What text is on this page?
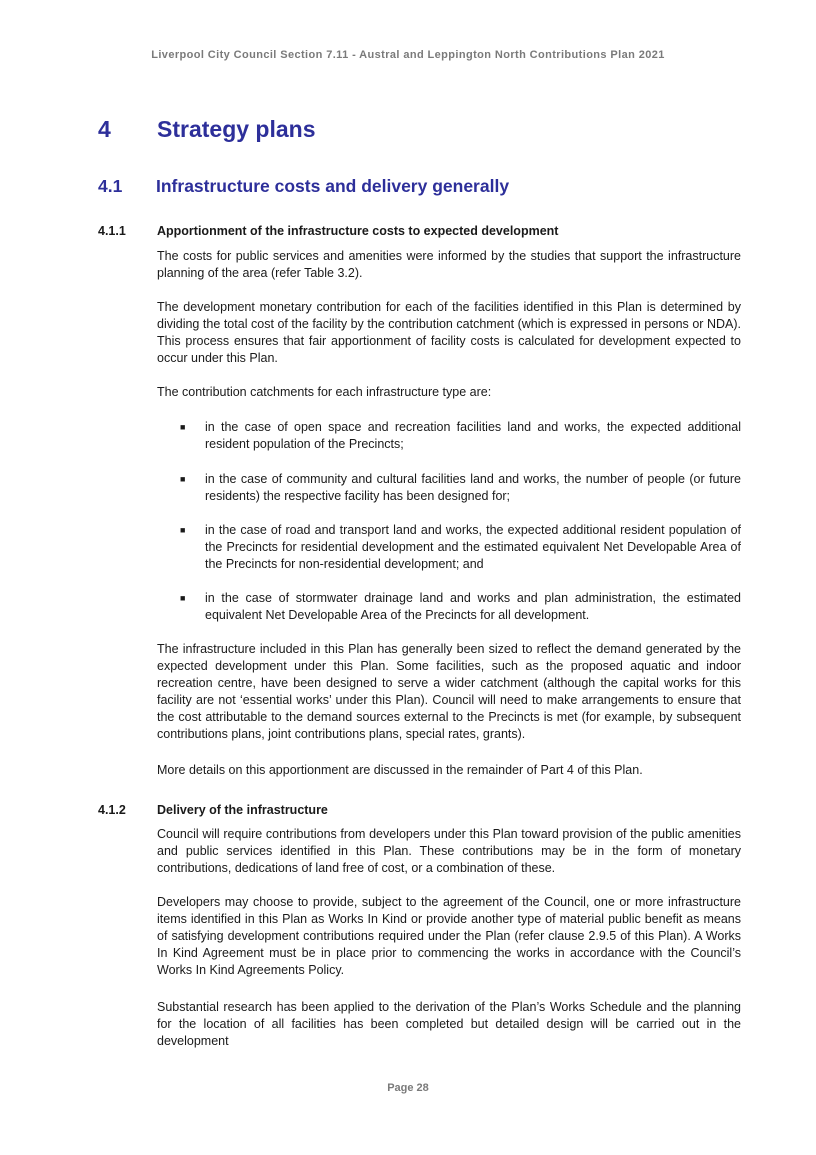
Liverpool City Council Section 7.11 - Austral and Leppington North Contributions Plan 2021
4 Strategy plans
4.1 Infrastructure costs and delivery generally
4.1.1 Apportionment of the infrastructure costs to expected development
The costs for public services and amenities were informed by the studies that support the infrastructure planning of the area (refer Table 3.2).
The development monetary contribution for each of the facilities identified in this Plan is determined by dividing the total cost of the facility by the contribution catchment (which is expressed in persons or NDA). This process ensures that fair apportionment of facility costs is calculated for development expected to occur under this Plan.
The contribution catchments for each infrastructure type are:
■ in the case of open space and recreation facilities land and works, the expected additional resident population of the Precincts;
■ in the case of community and cultural facilities land and works, the number of people (or future residents) the respective facility has been designed for;
■ in the case of road and transport land and works, the expected additional resident population of the Precincts for residential development and the estimated equivalent Net Developable Area of the Precincts for non-residential development; and
■ in the case of stormwater drainage land and works and plan administration, the estimated equivalent Net Developable Area of the Precincts for all development.
The infrastructure included in this Plan has generally been sized to reflect the demand generated by the expected development under this Plan. Some facilities, such as the proposed aquatic and indoor recreation centre, have been designed to serve a wider catchment (although the capital works for this facility are not ‘essential works’ under this Plan). Council will need to make arrangements to ensure that the cost attributable to the demand sources external to the Precincts is met (for example, by subsequent contributions plans, joint contributions plans, special rates, grants).
More details on this apportionment are discussed in the remainder of Part 4 of this Plan.
4.1.2 Delivery of the infrastructure
Council will require contributions from developers under this Plan toward provision of the public amenities and public services identified in this Plan. These contributions may be in the form of monetary contributions, dedications of land free of cost, or a combination of these.
Developers may choose to provide, subject to the agreement of the Council, one or more infrastructure items identified in this Plan as Works In Kind or provide another type of material public benefit as means of satisfying development contributions required under the Plan (refer clause 2.9.5 of this Plan). A Works In Kind Agreement must be in place prior to commencing the works in accordance with the Council’s Works In Kind Agreements Policy.
Substantial research has been applied to the derivation of the Plan’s Works Schedule and the planning for the location of all facilities has been completed but detailed design will be carried out in the development
Page 28
